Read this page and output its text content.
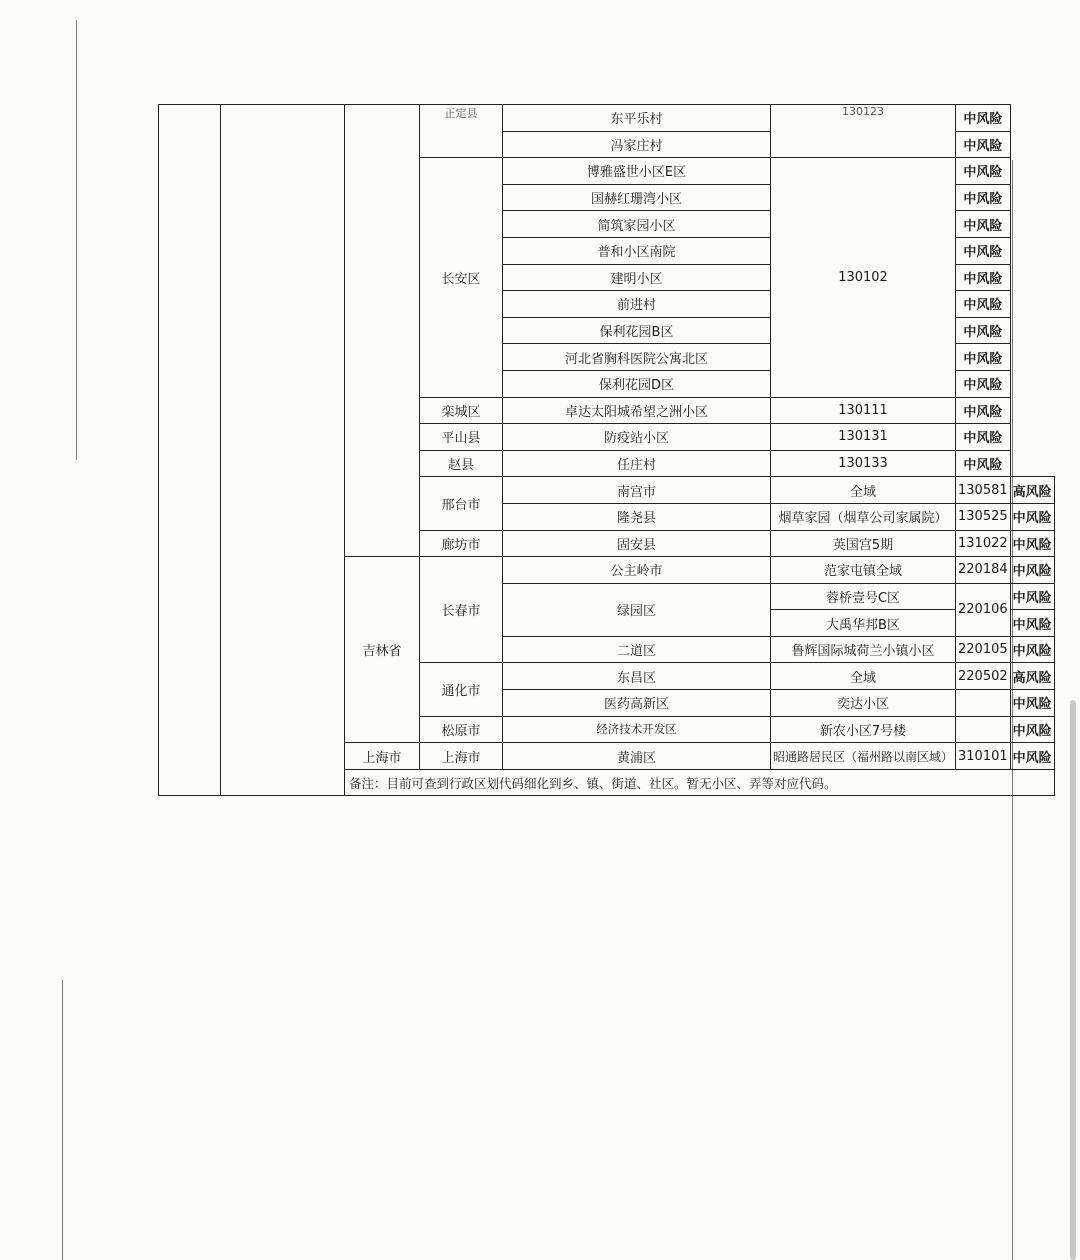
			正定县	东平乐村	130123	中风险	
				冯家庄村		中风险	
			长安区	博雅盛世小区E区	130102	中风险	
				国赫红珊湾小区		中风险	
				简筑家园小区		中风险	
				普和小区南院		中风险	
				建明小区		中风险	
				前进村		中风险	
				保利花园B区		中风险	
				河北省胸科医院公寓北区		中风险	
				保利花园D区		中风险	
			栾城区	卓达太阳城希望之洲小区	130111	中风险	
			平山县	防疫站小区	130131	中风险	
			赵县	任庄村	130133	中风险	
			邢台市	南宫市	全域	130581	高风险
				隆尧县	烟草家园（烟草公司家属院）	130525	中风险
			廊坊市	固安县	英国宫5期	131022	中风险
		吉林省	长春市	公主岭市	范家屯镇全域	220184	中风险
				绿园区	蓉桥壹号C区	220106	中风险
					大禹华邦B区		中风险
				二道区	鲁辉国际城荷兰小镇小区	220105	中风险
			通化市	东昌区	全域	220502	高风险
				医药高新区	奕达小区		中风险
			松原市	经济技术开发区	新农小区7号楼		中风险
		上海市	上海市	黄浦区	昭通路居民区（福州路以南区域）	310101	中风险
		备注：目前可查到行政区划代码细化到乡、镇、街道、社区。暂无小区、弄等对应代码。					
